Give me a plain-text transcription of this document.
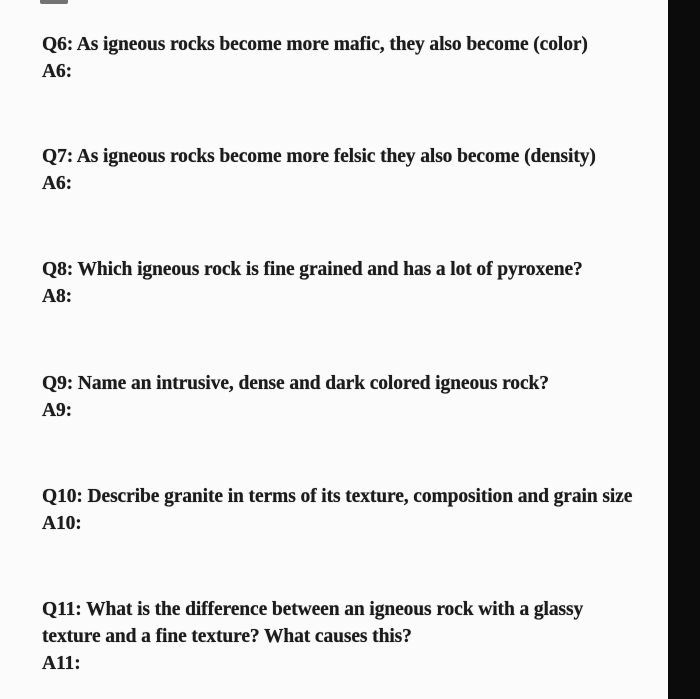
Q6: As igneous rocks become more mafic, they also become (color)

A6:

Q7: As igneous rocks become more felsic they also become (density)

A6:

Q8: Which igneous rock is fine grained and has a lot of pyroxene?

A8:

Q9: Name an intrusive, dense and dark colored igneous rock?

A9:

Q10: Describe granite in terms of its texture, composition and grain size

A10:

Q11: What is the difference between an igneous rock with a glassy texture and a fine texture? What causes this?

A11:
